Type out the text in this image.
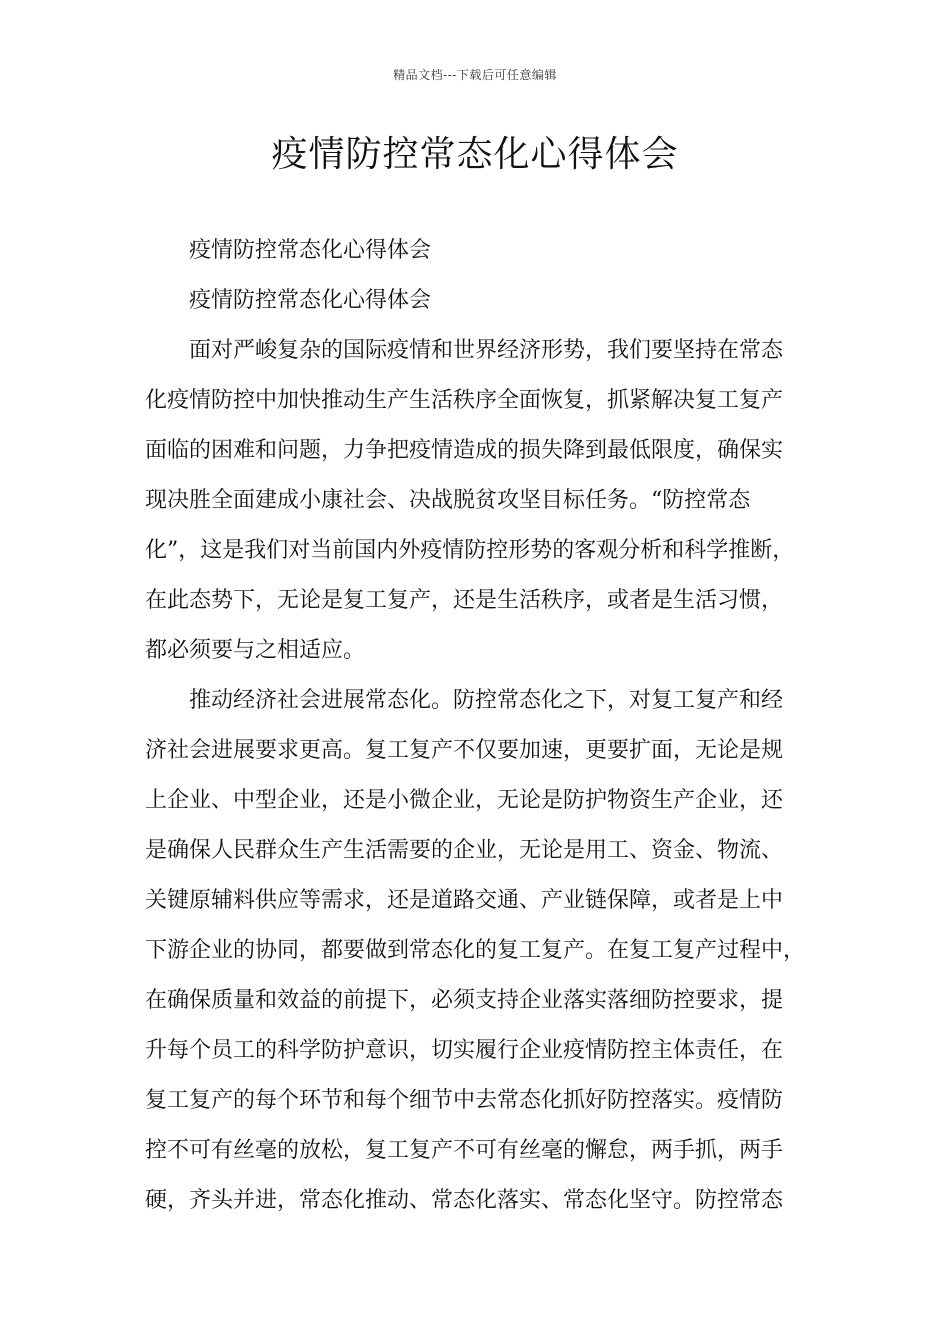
精品文档---下载后可任意编辑
疫情防控常态化心得体会
疫情防控常态化心得体会
疫情防控常态化心得体会
面对严峻复杂的国际疫情和世界经济形势，我们要坚持在常态
化疫情防控中加快推动生产生活秩序全面恢复，抓紧解决复工复产
面临的困难和问题，力争把疫情造成的损失降到最低限度，确保实
现决胜全面建成小康社会、决战脱贫攻坚目标任务。“防控常态
化”，这是我们对当前国内外疫情防控形势的客观分析和科学推断，
在此态势下，无论是复工复产，还是生活秩序，或者是生活习惯，
都必须要与之相适应。
推动经济社会进展常态化。防控常态化之下，对复工复产和经
济社会进展要求更高。复工复产不仅要加速，更要扩面，无论是规
上企业、中型企业，还是小微企业，无论是防护物资生产企业，还
是确保人民群众生产生活需要的企业，无论是用工、资金、物流、
关键原辅料供应等需求，还是道路交通、产业链保障，或者是上中
下游企业的协同，都要做到常态化的复工复产。在复工复产过程中，
在确保质量和效益的前提下，必须支持企业落实落细防控要求，提
升每个员工的科学防护意识，切实履行企业疫情防控主体责任，在
复工复产的每个环节和每个细节中去常态化抓好防控落实。疫情防
控不可有丝毫的放松，复工复产不可有丝毫的懈怠，两手抓，两手
硬，齐头并进，常态化推动、常态化落实、常态化坚守。防控常态
